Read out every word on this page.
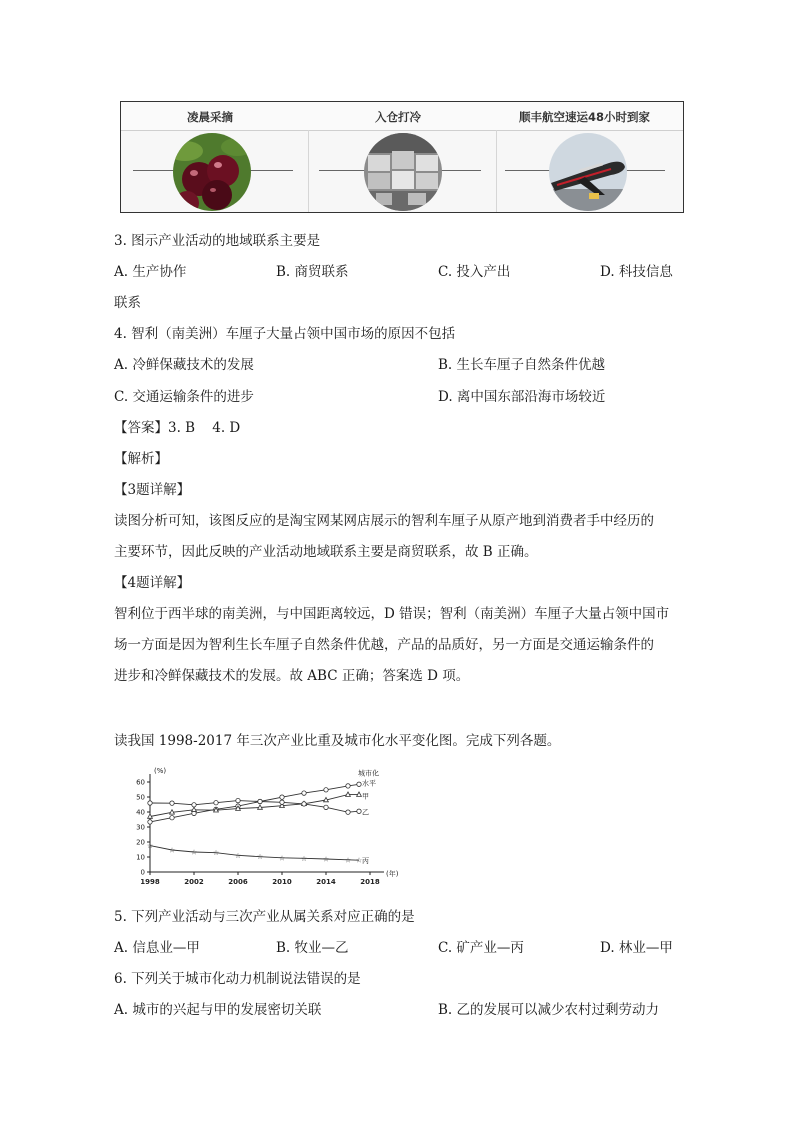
凌晨采摘	入仓打冷	顺丰航空速运48小时到家
3. 图示产业活动的地域联系主要是
A. 生产协作	B. 商贸联系	C. 投入产出	D. 科技信息
联系
4. 智利（南美洲）车厘子大量占领中国市场的原因不包括
A. 冷鲜保藏技术的发展	B. 生长车厘子自然条件优越
C. 交通运输条件的进步	D. 离中国东部沿海市场较近
【答案】3. B    4. D
【解析】
【3题详解】
读图分析可知，该图反应的是淘宝网某网店展示的智利车厘子从原产地到消费者手中经历的
主要环节，因此反映的产业活动地域联系主要是商贸联系，故 B 正确。
【4题详解】
智利位于西半球的南美洲，与中国距离较远，D 错误；智利（南美洲）车厘子大量占领中国市
场一方面是因为智利生长车厘子自然条件优越，产品的品质好，另一方面是交通运输条件的
进步和冷鲜保藏技术的发展。故 ABC 正确；答案选 D 项。
读我国 1998-2017 年三次产业比重及城市化水平变化图。完成下列各题。
(%)
(年)
0
10
20
30
40
50
60
1998	2002	2006	2010	2014	2018
☆
☆ ☆ ☆ ☆ ☆ ☆ ☆ ☆ ☆ ☆
城市化
水平
甲
乙
丙
5. 下列产业活动与三次产业从属关系对应正确的是
A. 信息业—甲	B. 牧业—乙	C. 矿产业—丙	D. 林业—甲
6. 下列关于城市化动力机制说法错误的是
A. 城市的兴起与甲的发展密切关联	B. 乙的发展可以减少农村过剩劳动力
